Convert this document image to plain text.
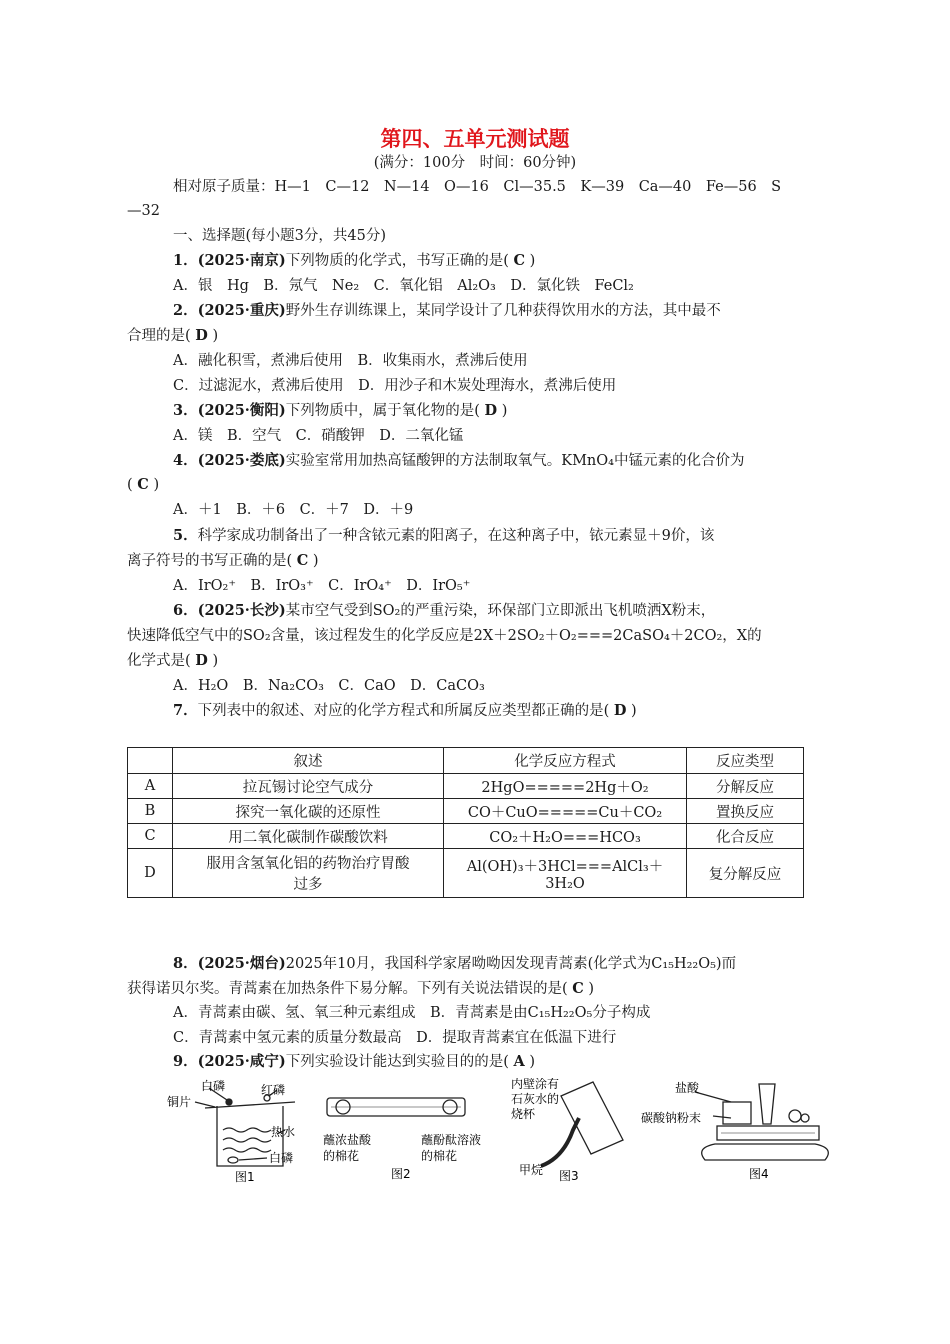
第四、五单元测试题
(满分：100分　时间：60分钟)
相对原子质量：H—1　C—12　N—14　O—16　Cl—35.5　K—39　Ca—40　Fe—56　S
—32
一、选择题(每小题3分，共45分)
1．(2025·南京)下列物质的化学式，书写正确的是( C )
A．银　Hg　B．氖气　Ne₂　C．氧化铝　Al₂O₃　D．氯化铁　FeCl₂
2．(2025·重庆)野外生存训练课上，某同学设计了几种获得饮用水的方法，其中最不
合理的是( D )
A．融化积雪，煮沸后使用　B．收集雨水，煮沸后使用
C．过滤泥水，煮沸后使用　D．用沙子和木炭处理海水，煮沸后使用
3．(2025·衡阳)下列物质中，属于氧化物的是( D )
A．镁　B．空气　C．硝酸钾　D．二氧化锰
4．(2025·娄底)实验室常用加热高锰酸钾的方法制取氧气。KMnO₄中锰元素的化合价为
( C )
A．＋1　B．＋6　C．＋7　D．＋9
5．科学家成功制备出了一种含铱元素的阳离子，在这种离子中，铱元素显＋9价，该
离子符号的书写正确的是( C )
A．IrO₂⁺　B．IrO₃⁺　C．IrO₄⁺　D．IrO₅⁺
6．(2025·长沙)某市空气受到SO₂的严重污染，环保部门立即派出飞机喷洒X粉末，
快速降低空气中的SO₂含量，该过程发生的化学反应是2X＋2SO₂＋O₂===2CaSO₄＋2CO₂，X的
化学式是( D )
A．H₂O　B．Na₂CO₃　C．CaO　D．CaCO₃
7．下列表中的叙述、对应的化学方程式和所属反应类型都正确的是( D )
	叙述	化学反应方程式	反应类型
A	拉瓦锡讨论空气成分	2HgO=====2Hg＋O₂	分解反应
B	探究一氧化碳的还原性	CO＋CuO=====Cu＋CO₂	置换反应
C	用二氧化碳制作碳酸饮料	CO₂＋H₂O===HCO₃	化合反应
D	服用含氢氧化铝的药物治疗胃酸
过多	Al(OH)₃＋3HCl===AlCl₃＋3H₂O	复分解反应
8．(2025·烟台)2025年10月，我国科学家屠呦呦因发现青蒿素(化学式为C₁₅H₂₂O₅)而
获得诺贝尔奖。青蒿素在加热条件下易分解。下列有关说法错误的是( C )
A．青蒿素由碳、氢、氧三种元素组成　B．青蒿素是由C₁₅H₂₂O₅分子构成
C．青蒿素中氢元素的质量分数最高　D．提取青蒿素宜在低温下进行
9．(2025·咸宁)下列实验设计能达到实验目的的是( A )
白磷
铜片
红磷
热水
白磷
图1
蘸浓盐酸
的棉花
蘸酚酞溶液
的棉花
图2
内壁涂有
石灰水的
烧杯
甲烷 图3
盐酸
碳酸钠粉末
图4
